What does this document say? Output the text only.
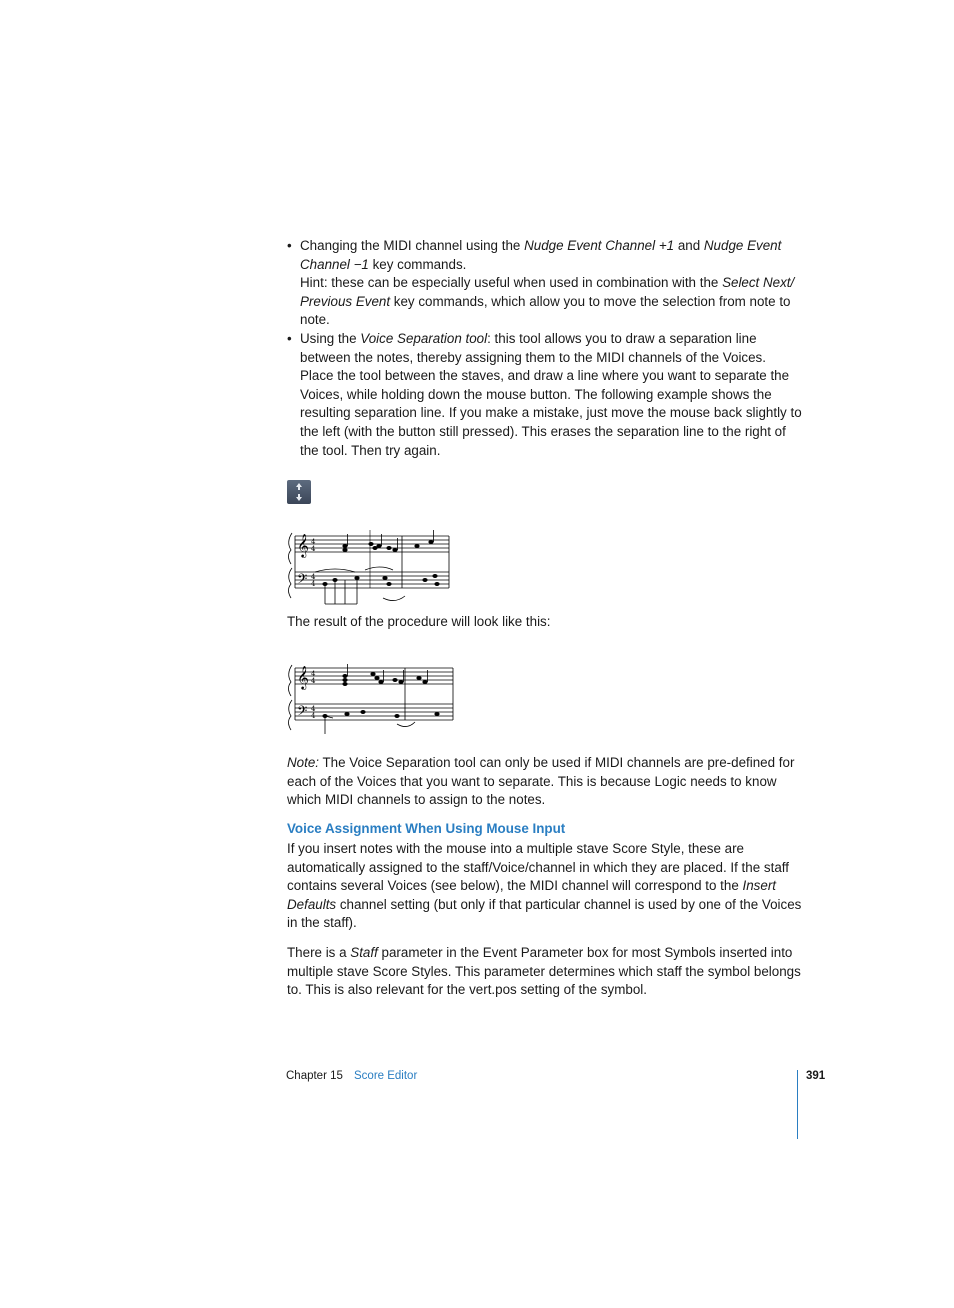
• Changing the MIDI channel using the Nudge Event Channel +1 and Nudge Event Channel −1 key commands.
Hint: these can be especially useful when used in combination with the Select Next/ Previous Event key commands, which allow you to move the selection from note to note.
• Using the Voice Separation tool: this tool allows you to draw a separation line between the notes, thereby assigning them to the MIDI channels of the Voices. Place the tool between the staves, and draw a line where you want to separate the Voices, while holding down the mouse button. The following example shows the resulting separation line. If you make a mistake, just move the mouse back slightly to the left (with the button still pressed). This erases the separation line to the right of the tool. Then try again.
𝄞
𝄢
4
4
4
4

The result of the procedure will look like this:

𝄞
𝄢
4
4
4
4

Note: The Voice Separation tool can only be used if MIDI channels are pre-defined for each of the Voices that you want to separate. This is because Logic needs to know which MIDI channels to assign to the notes.

Voice Assignment When Using Mouse Input

If you insert notes with the mouse into a multiple stave Score Style, these are automatically assigned to the staff/Voice/channel in which they are placed. If the staff contains several Voices (see below), the MIDI channel will correspond to the Insert Defaults channel setting (but only if that particular channel is used by one of the Voices in the staff).

There is a Staff parameter in the Event Parameter box for most Symbols inserted into multiple stave Score Styles. This parameter determines which staff the symbol belongs to. This is also relevant for the vert.pos setting of the symbol.

Chapter 15 Score Editor	391
